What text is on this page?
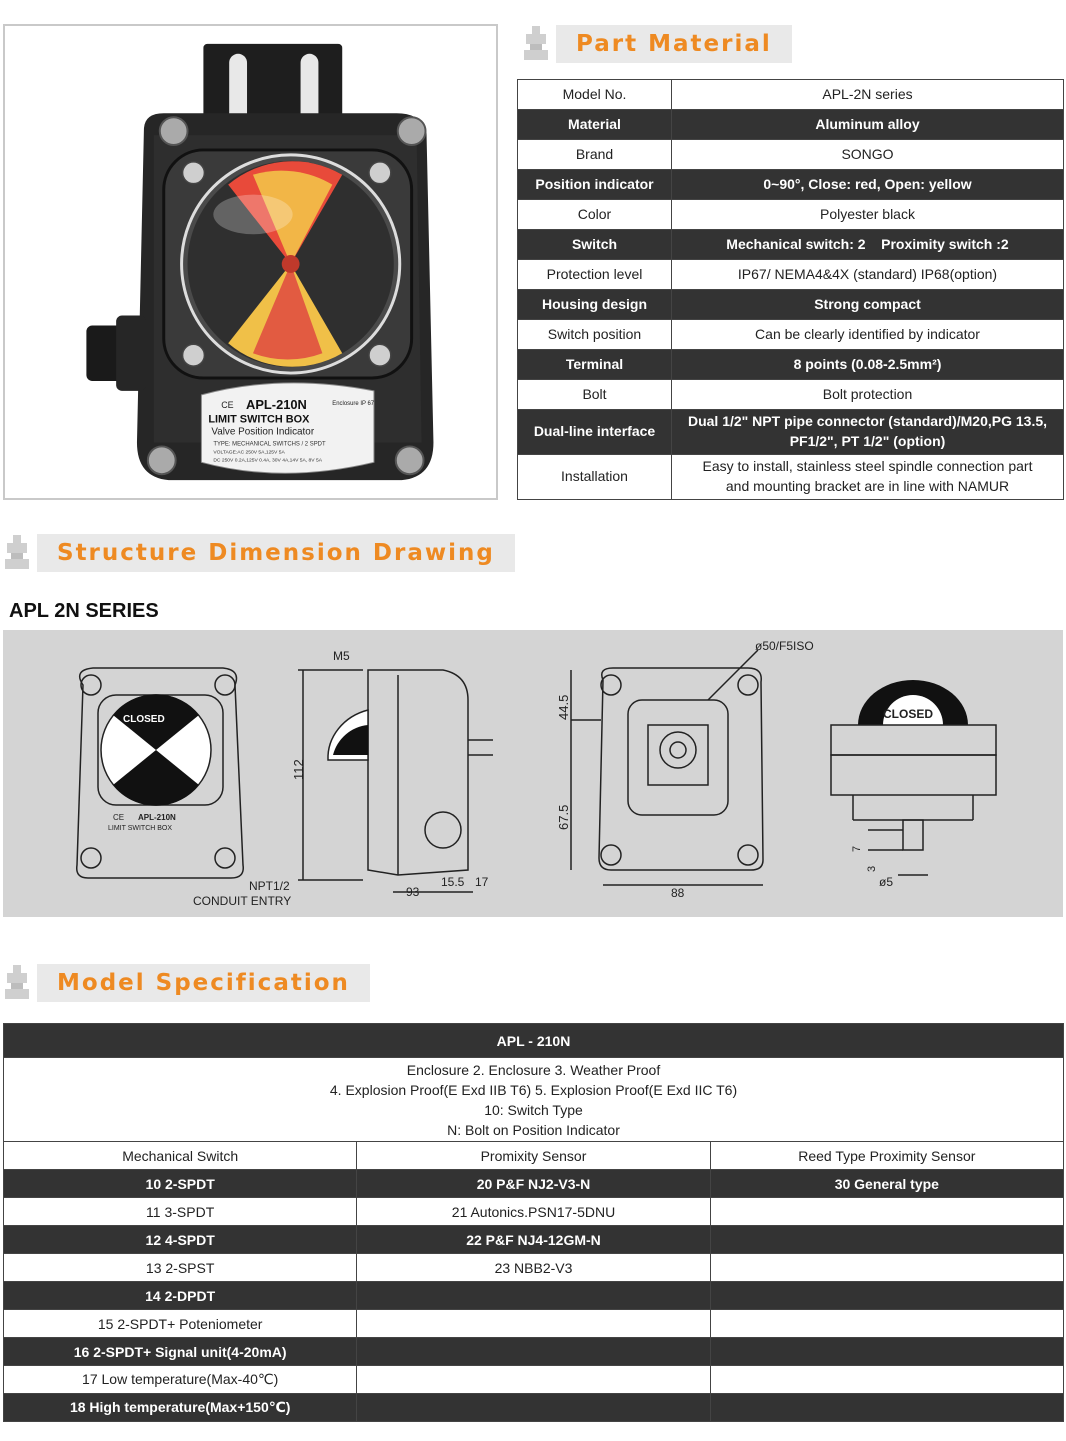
CE APL-210N	Enclosure IP 67
LIMIT SWITCH BOX
Valve Position Indicator
TYPE: MECHANICAL SWITCHS / 2 SPDT
VOLTAGE:AC 250V 5A,125V 5A
DC 250V 0.2A,125V 0.4A, 30V 4A,14V 5A, 8V 5A
Part Material
Model No.	APL-2N series
Material	Aluminum alloy
Brand	SONGO
Position indicator	0~90°, Close: red, Open: yellow
Color	Polyester black
Switch	Mechanical switch: 2    Proximity switch :2
Protection level	IP67/ NEMA4&4X (standard) IP68(option)
Housing design	Strong compact
Switch position	Can be clearly identified by indicator
Terminal	8 points (0.08-2.5mm²)
Bolt	Bolt protection
Dual-line interface	Dual 1/2" NPT pipe connector (standard)/M20,PG 13.5,
PF1/2", PT 1/2" (option)

Installation	Easy to install, stainless steel spindle connection part
and mounting bracket are in line with NAMUR
Structure Dimension Drawing
APL 2N SERIES
CLOSED
CE APL-210N
LIMIT SWITCH BOX
M5
112
NPT1/2
CONDUIT ENTRY
93
15.5 17
44.5
67.5
88
ø50/F5ISO
CLOSED
7
3
ø5
Model Specification
APL - 210N		

Enclosure 2. Enclosure 3. Weather Proof
4. Explosion Proof(E Exd IIB T6) 5. Explosion Proof(E Exd IIC T6)
10: Switch Type
N: Bolt on Position Indicator		

Mechanical Switch	Promixity Sensor	Reed Type Proximity Sensor
10 2-SPDT	20 P&F NJ2-V3-N	30 General type
11 3-SPDT	21 Autonics.PSN17-5DNU	
12 4-SPDT	22 P&F NJ4-12GM-N	
13 2-SPST	23 NBB2-V3	
14 2-DPDT		
15 2-SPDT+ Poteniometer		
16 2-SPDT+ Signal unit(4-20mA)		
17 Low temperature(Max-40℃)		
18 High temperature(Max+150℃)		
